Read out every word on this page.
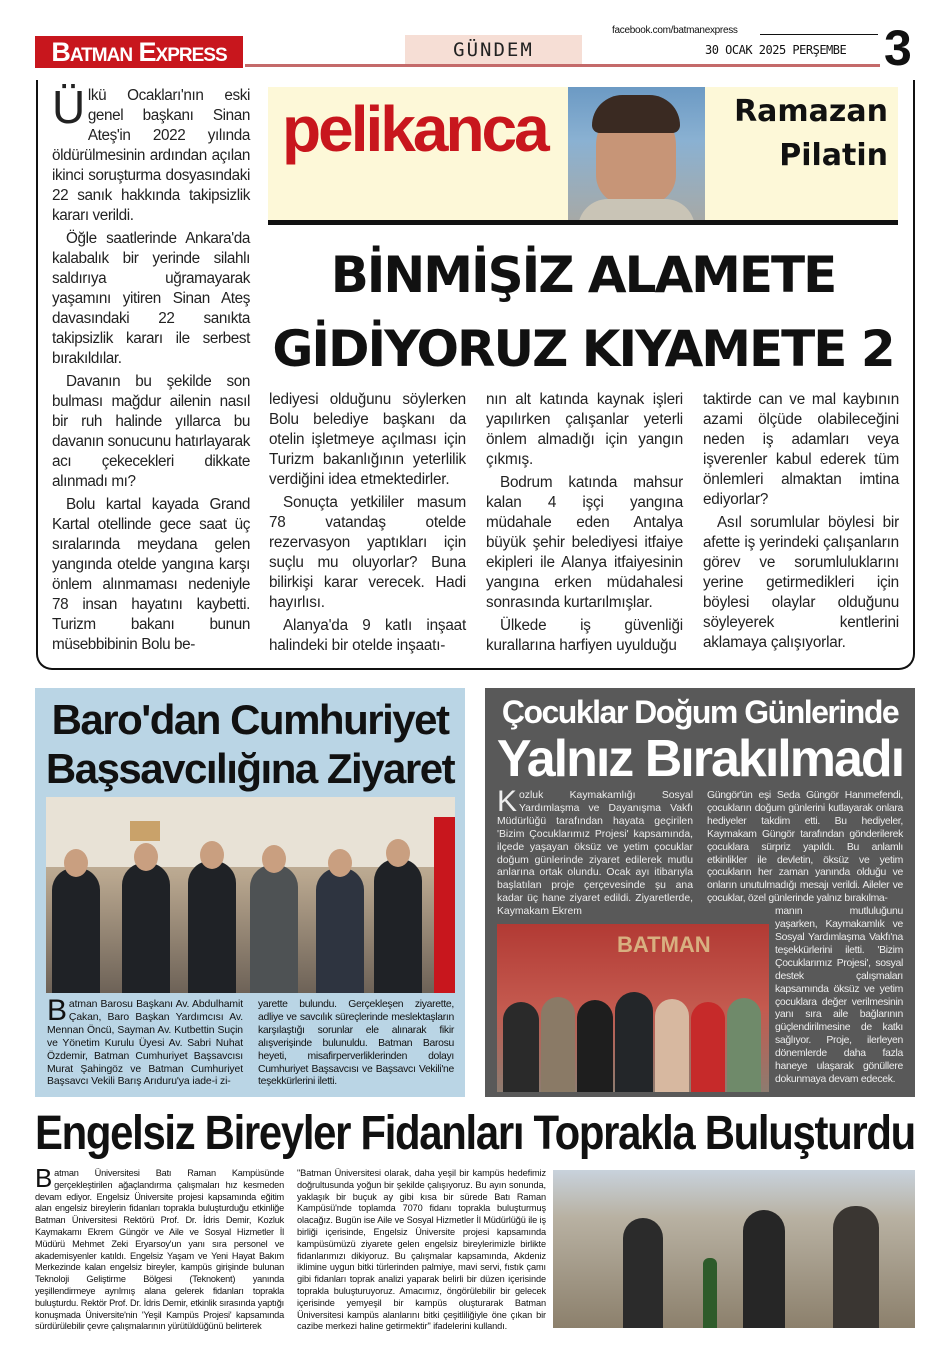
Batman Express	GÜNDEM
facebook.com/batmanexpress
30 OCAK 2025 PERŞEMBE 3

Ülkü Ocakları'nın eski genel başkanı Sinan Ateş'in 2022 yılında öldürülmesinin ardından açılan ikinci soruşturma dosyasındaki 22 sanık hakkında takipsizlik kararı verildi.

Öğle saatlerinde Ankara'da kalabalık bir yerinde silahlı saldırıya uğramayarak yaşamını yitiren Sinan Ateş davasındaki 22 sanıkta takipsizlik kararı ile serbest bırakıldılar.

Davanın bu şekilde son bulması mağdur ailenin nasıl bir ruh halinde yıllarca bu davanın sonucunu hatırlayarak acı çekecekleri dikkate alınmadı mı?

Bolu kartal kayada Grand Kartal otellinde gece saat üç sıralarında meydana gelen yangında otelde yangına karşı önlem alınmaması nedeniyle 78 insan hayatını kaybetti. Turizm bakanı bunun müsebbibinin Bolu be-

pelikanca	Ramazan Pilatin
BİNMİŞİZ ALAMETE
GİDİYORUZ KIYAMETE 2

lediyesi olduğunu söylerken Bolu belediye başkanı da otelin işletmeye açılması için Turizm bakanlığının yeterlilik verdiğini idea etmektedirler.

Sonuçta yetkililer masum 78 vatandaş otelde rezervasyon yaptıkları için suçlu mu oluyorlar? Buna bilirkişi karar verecek. Hadi hayırlısı.

Alanya'da 9 katlı inşaat halindeki bir otelde inşaatı-

nın alt katında kaynak işleri yapılırken çalışanlar yeterli önlem almadığı için yangın çıkmış.

Bodrum katında mahsur kalan 4 işçi yangına müdahale eden Antalya büyük şehir belediyesi itfaiye ekipleri ile Alanya itfaiyesinin yangına erken müdahalesi sonrasında kurtarılmışlar.

Ülkede iş güvenliği kurallarına harfiyen uyulduğu

taktirde can ve mal kaybının azami ölçüde olabileceğini neden iş adamları veya işverenler kabul ederek tüm önlemleri almaktan imtina ediyorlar?

Asıl sorumlular böylesi bir afette iş yerindeki çalışanların görev ve sorumluluklarını yerine getirmedikleri için böylesi olaylar olduğunu söyleyerek kentlerini aklamaya çalışıyorlar.

Baro'dan Cumhuriyet
Başsavcılığına Ziyaret
Batman Barosu Başkanı Av. Abdulhamit Çakan, Baro Başkan Yardımcısı Av. Mennan Öncü, Sayman Av. Kutbettin Suçin ve Yönetim Kurulu Üyesi Av. Sabri Nuhat Özdemir, Batman Cumhuriyet Başsavcısı Murat Şahingöz ve Batman Cumhuriyet Başsavcı Vekili Barış Arıduru'ya iade-i zi-
yarette bulundu. Gerçekleşen ziyarette, adliye ve savcılık süreçlerinde meslektaşların karşılaştığı sorunlar ele alınarak fikir alışverişinde bulunuldu. Batman Barosu heyeti, misafirperverliklerinden dolayı Cumhuriyet Başsavcısı ve Başsavcı Vekili'ne teşekkürlerini iletti.
Çocuklar Doğum Günlerinde
Yalnız Bırakılmadı
Kozluk Kaymakamlığı Sosyal Yardımlaşma ve Dayanışma Vakfı Müdürlüğü tarafından hayata geçirilen 'Bizim Çocuklarımız Projesi' kapsamında, ilçede yaşayan öksüz ve yetim çocuklar doğum günlerinde ziyaret edilerek mutlu anlarına ortak olundu. Ocak ayı itibarıyla başlatılan proje çerçevesinde şu ana kadar üç hane ziyaret edildi. Ziyaretlerde, Kaymakam Ekrem
Güngör'ün eşi Seda Güngör Hanımefendi, çocukların doğum günlerini kutlayarak onlara hediyeler takdim etti. Bu hediyeler, Kaymakam Güngör tarafından gönderilerek çocuklara sürpriz yapıldı. Bu anlamlı etkinlikler ile devletin, öksüz ve yetim çocukların her zaman yanında olduğu ve onların unutulmadığı mesajı verildi. Aileler ve çocuklar, özel günlerinde yalnız bırakılma-
manın mutluluğunu yaşarken, Kaymakamlık ve Sosyal Yardımlaşma Vakfı'na teşekkürlerini iletti. 'Bizim Çocuklarımız Projesi', sosyal destek çalışmaları kapsamında öksüz ve yetim çocuklara değer verilmesinin yanı sıra aile bağlarının güçlendirilmesine de katkı sağlıyor. Proje, ilerleyen dönemlerde daha fazla haneye ulaşarak gönüllere dokunmaya devam edecek.
BATMAN
Engelsiz Bireyler Fidanları Toprakla Buluşturdu
Batman Üniversitesi Batı Raman Kampüsünde gerçekleştirilen ağaçlandırma çalışmaları hız kesmeden devam ediyor. Engelsiz Üniversite projesi kapsamında eğitim alan engelsiz bireylerin fidanları toprakla buluşturduğu etkinliğe Batman Üniversitesi Rektörü Prof. Dr. İdris Demir, Kozluk Kaymakamı Ekrem Güngör ve Aile ve Sosyal Hizmetler İl Müdürü Mehmet Zeki Eryarsoy'un yanı sıra personel ve akademisyenler katıldı. Engelsiz Yaşam ve Yeni Hayat Bakım Merkezinde kalan engelsiz bireyler, kampüs girişinde bulunan Teknoloji Geliştirme Bölgesi (Teknokent) yanında yeşillendirmeye ayrılmış alana gelerek fidanları toprakla buluşturdu. Rektör Prof. Dr. İdris Demir, etkinlik sırasında yaptığı konuşmada Üniversite'nin 'Yeşil Kampüs Projesi' kapsamında sürdürülebilir çevre çalışmalarının yürütüldüğünü belirterek
"Batman Üniversitesi olarak, daha yeşil bir kampüs hedefimiz doğrultusunda yoğun bir şekilde çalışıyoruz. Bu ayın sonunda, yaklaşık bir buçuk ay gibi kısa bir sürede Batı Raman Kampüsü'nde toplamda 7070 fidanı toprakla buluşturmuş olacağız. Bugün ise Aile ve Sosyal Hizmetler İl Müdürlüğü ile iş birliği içerisinde, Engelsiz Üniversite projesi kapsamında kampüsümüzü ziyarete gelen engelsiz bireylerimizle birlikte fidanlarımızı dikiyoruz. Bu çalışmalar kapsamında, Akdeniz iklimine uygun bitki türlerinden palmiye, mavi servi, fıstık çamı gibi fidanları toprak analizi yaparak belirli bir düzen içerisinde toprakla buluşturuyoruz. Amacımız, öngörülebilir bir gelecek içerisinde yemyeşil bir kampüs oluşturarak Batman Üniversitesi kampüs alanlarını bitki çeşitliliğiyle öne çıkan bir cazibe merkezi haline getirmektir" ifadelerini kullandı.
